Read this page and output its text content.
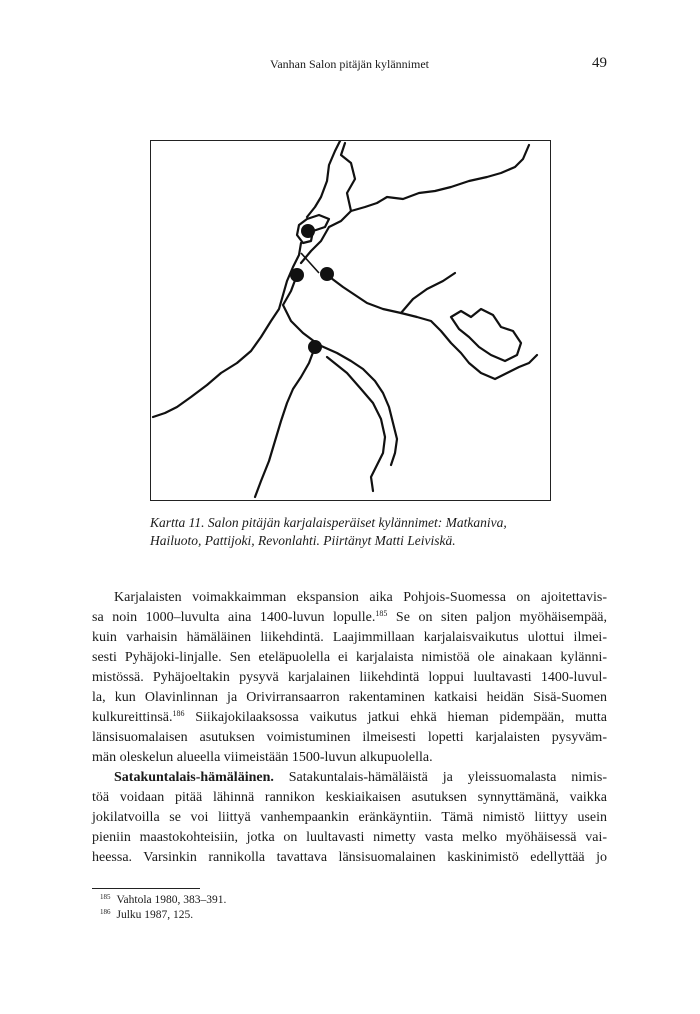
Vanhan Salon pitäjän kylännimet	49
Kartta 11. Salon pitäjän karjalaisperäiset kylännimet: Matkaniva,
Hailuoto, Pattijoki, Revonlahti. Piirtänyt Matti Leiviskä.
Karjalaisten voimakkaimman ekspansion aika Pohjois-Suomessa on ajoitettavis-
sa noin 1000–luvulta aina 1400-luvun lopulle.$^{185}$ Se on siten paljon myöhäisempää,
kuin varhaisin hämäläinen liikehdintä. Laajimmillaan karjalaisvaikutus ulottui ilmei-
sesti Pyhäjoki-linjalle. Sen eteläpuolella ei karjalaista nimistöä ole ainakaan kylänni-
mistössä. Pyhäjoeltakin pysyvä karjalainen liikehdintä loppui luultavasti 1400-luvul-
la, kun Olavinlinnan ja Orivirransaarron rakentaminen katkaisi heidän Sisä-Suomen
kulkureittinsä.$^{186}$ Siikajokilaaksossa vaikutus jatkui ehkä hieman pidempään, mutta
länsisuomalaisen asutuksen voimistuminen ilmeisesti lopetti karjalaisten pysyväm-
män oleskelun alueella viimeistään 1500-luvun alkupuolella.
Satakuntalais-hämäläinen. Satakuntalais-hämäläistä ja yleissuomalasta nimis-
töä voidaan pitää lähinnä rannikon keskiaikaisen asutuksen synnyttämänä, vaikka
jokilatvoilla se voi liittyä vanhempaankin eränkäyntiin. Tämä nimistö liittyy usein
pieniin maastokohteisiin, jotka on luultavasti nimetty vasta melko myöhäisessä vai-
heessa. Varsinkin rannikolla tavattava länsisuomalainen kaskinimistö edellyttää jo
$^{185}$ Vahtola 1980, 383–391.
$^{186}$ Julku 1987, 125.
